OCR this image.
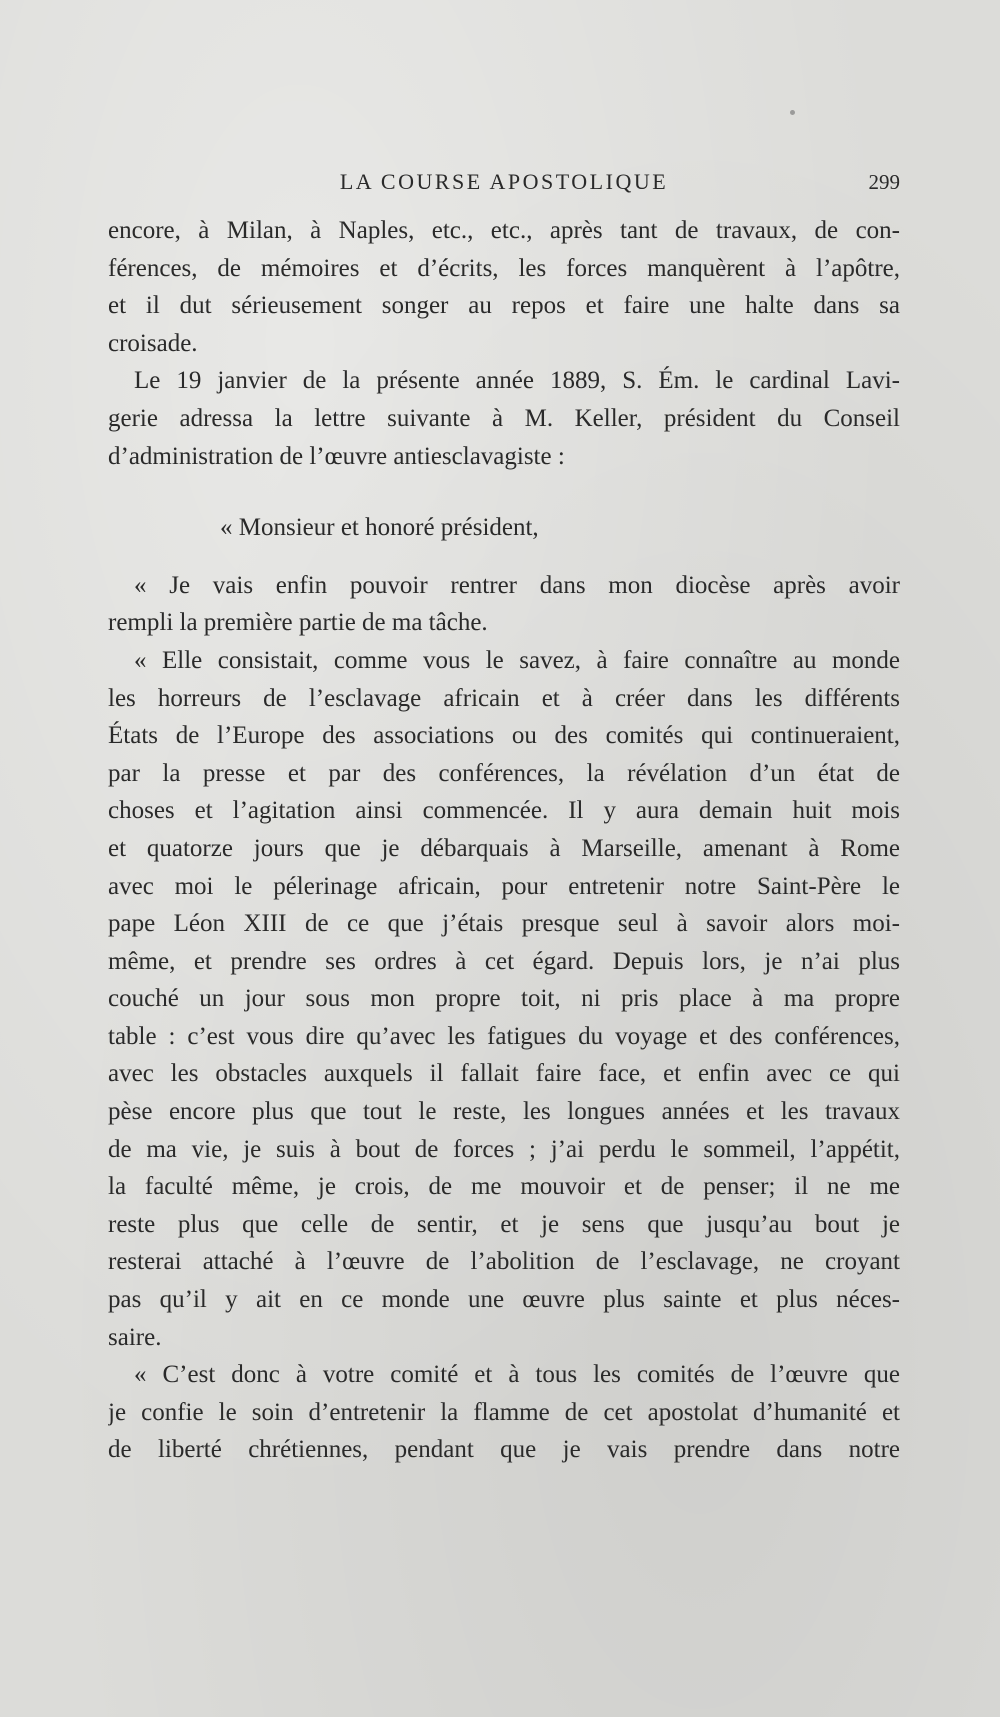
LA COURSE APOSTOLIQUE	299
encore, à Milan, à Naples, etc., etc., après tant de travaux, de con-
férences, de mémoires et d’écrits, les forces manquèrent à l’apôtre,
et il dut sérieusement songer au repos et faire une halte dans sa
croisade.
Le 19 janvier de la présente année 1889, S. Ém. le cardinal Lavi-
gerie adressa la lettre suivante à M. Keller, président du Conseil
d’administration de l’œuvre antiesclavagiste :
« Monsieur et honoré président,
« Je vais enfin pouvoir rentrer dans mon diocèse après avoir
rempli la première partie de ma tâche.
« Elle consistait, comme vous le savez, à faire connaître au monde
les horreurs de l’esclavage africain et à créer dans les différents
États de l’Europe des associations ou des comités qui continueraient,
par la presse et par des conférences, la révélation d’un état de
choses et l’agitation ainsi commencée. Il y aura demain huit mois
et quatorze jours que je débarquais à Marseille, amenant à Rome
avec moi le pélerinage africain, pour entretenir notre Saint-Père le
pape Léon XIII de ce que j’étais presque seul à savoir alors moi-
même, et prendre ses ordres à cet égard. Depuis lors, je n’ai plus
couché un jour sous mon propre toit, ni pris place à ma propre
table : c’est vous dire qu’avec les fatigues du voyage et des conférences,
avec les obstacles auxquels il fallait faire face, et enfin avec ce qui
pèse encore plus que tout le reste, les longues années et les travaux
de ma vie, je suis à bout de forces ; j’ai perdu le sommeil, l’appétit,
la faculté même, je crois, de me mouvoir et de penser; il ne me
reste plus que celle de sentir, et je sens que jusqu’au bout je
resterai attaché à l’œuvre de l’abolition de l’esclavage, ne croyant
pas qu’il y ait en ce monde une œuvre plus sainte et plus néces-
saire.
« C’est donc à votre comité et à tous les comités de l’œuvre que
je confie le soin d’entretenir la flamme de cet apostolat d’humanité et
de liberté chrétiennes, pendant que je vais prendre dans notre
